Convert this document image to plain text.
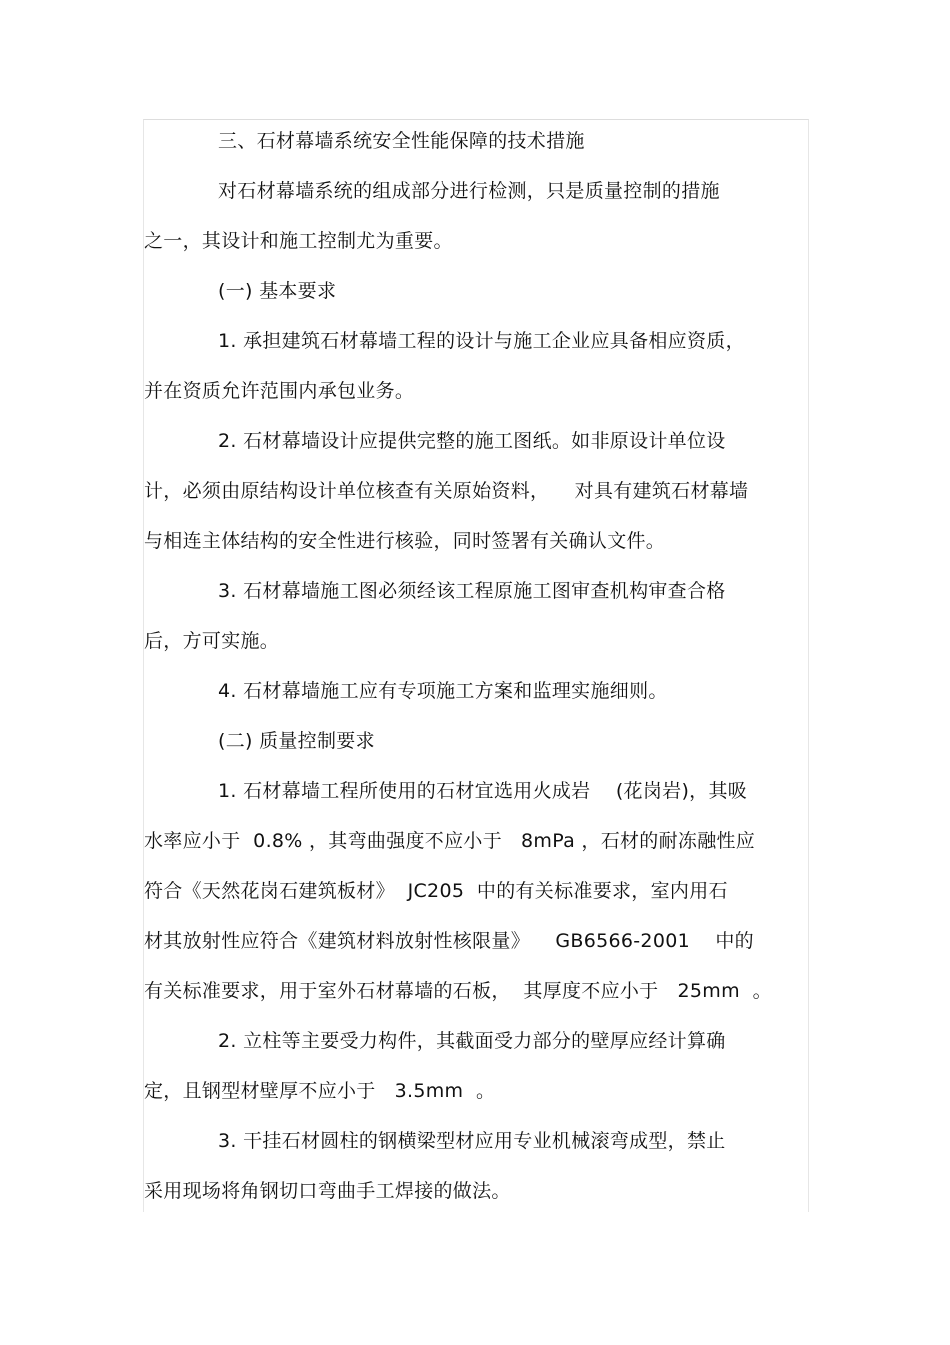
三、石材幕墙系统安全性能保障的技术措施
对石材幕墙系统的组成部分进行检测，只是质量控制的措施
之一，其设计和施工控制尤为重要。
(一) 基本要求
1. 承担建筑石材幕墙工程的设计与施工企业应具备相应资质，
并在资质允许范围内承包业务。
2. 石材幕墙设计应提供完整的施工图纸。如非原设计单位设
计，必须由原结构设计单位核查有关原始资料，    对具有建筑石材幕墙
与相连主体结构的安全性进行核验，同时签署有关确认文件。
3. 石材幕墙施工图必须经该工程原施工图审查机构审查合格
后，方可实施。
4. 石材幕墙施工应有专项施工方案和监理实施细则。
(二) 质量控制要求
1. 石材幕墙工程所使用的石材宜选用火成岩    (花岗岩)，其吸
水率应小于  0.8% ，其弯曲强度不应小于   8mPa ，石材的耐冻融性应
符合《天然花岗石建筑板材》  JC205  中的有关标准要求，室内用石
材其放射性应符合《建筑材料放射性核限量》    GB6566-2001    中的
有关标准要求，用于室外石材幕墙的石板，  其厚度不应小于   25mm  。
2. 立柱等主要受力构件，其截面受力部分的壁厚应经计算确
定，且钢型材壁厚不应小于   3.5mm  。
3. 干挂石材圆柱的钢横梁型材应用专业机械滚弯成型，禁止
采用现场将角钢切口弯曲手工焊接的做法。
